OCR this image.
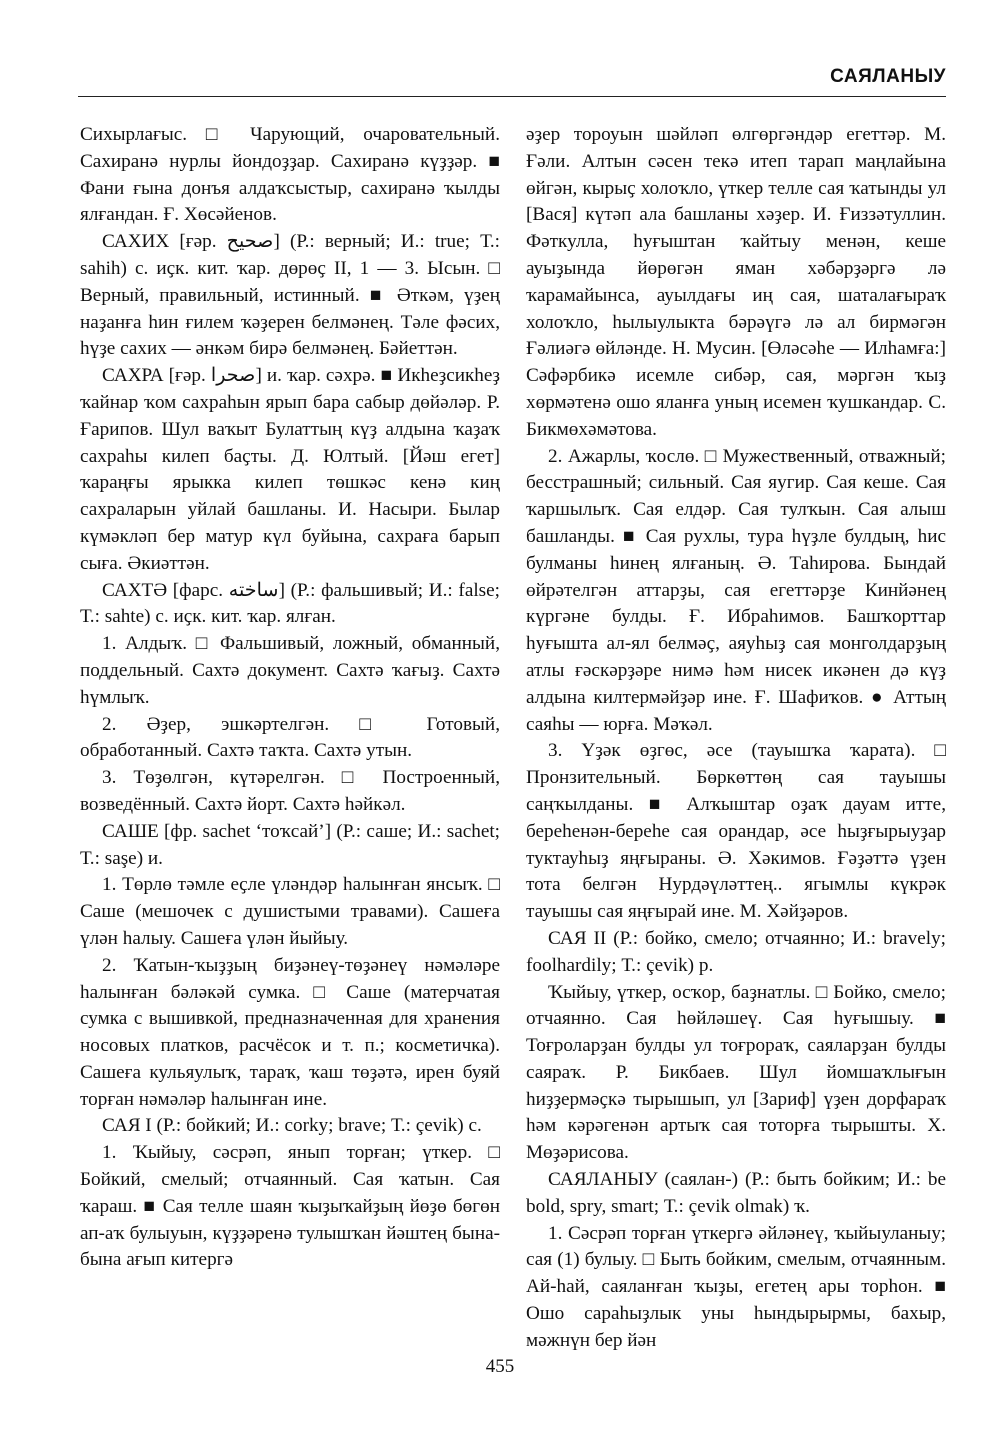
САЯЛАНЫУ

Сихырлағыс. □ Чарующий, очаровательный. Сахиранә нурлы йондоҙҙар. Сахиранә күҙҙәр. ■ Фани ғына донъя алдаҡсыстыр, сахиранә ҡылды ялғандан. Ғ. Хөсәйенов.

САХИХ [ғәр. صحيح] (Р.: верный; И.: true; Т.: sahih) с. иҫк. кит. ҡар. дөрөҫ II, 1 — 3. Ысын. □ Верный, правильный, истинный. ■ Әткәм, үҙең наҙанға һин ғилем ҡәҙерен белмәнең. Тәле фәсих, һүҙе сахих — әнкәм бирә белмәнең. Бәйеттән.

САХРА [ғәр. صحرا] и. ҡар. сәхрә. ■ Икһеҙсикһеҙ ҡайнар ҡом сахраһын ярып бара сабыр дөйәләр. Р. Ғарипов. Шул ваҡыт Булаттың күҙ алдына ҡаҙаҡ сахраһы килеп баҫты. Д. Юлтый. [Йәш егет] ҡараңғы ярыкка килеп төшкәс кенә киң сахраларын уйлай башланы. И. Насыри. Былар күмәкләп бер матур күл буйына, сахраға барып сыға. Әкиәттән.

САХТӘ [фарс. ساخته] (Р.: фальшивый; И.: false; Т.: sahte) с. иҫк. кит. ҡар. ялған.

1. Алдыҡ. □ Фальшивый, ложный, обманный, поддельный. Сахтә документ. Сахтә ҡағыҙ. Сахтә һүмлыҡ.

2. Әҙер, эшкәртелгән. □ Готовый, обработанный. Сахтә таҡта. Сахтә утын.

3. Төҙөлгән, күтәрелгән. □ Построенный, возведённый. Сахтә йорт. Сахтә һәйкәл.

САШЕ [фр. sachet ‘тоҡсай’] (Р.: саше; И.: sachet; Т.: saşe) и.

1. Төрлө тәмле еҫле үләндәр һалынған янсыҡ. □ Саше (мешочек с душистыми травами). Сашеға үлән һалыу. Сашеға үлән йыйыу.

2. Ҡатын-ҡыҙҙың биҙәнеү-төҙәнеү нәмәләре һалынған бәләкәй сумка. □ Саше (матерчатая сумка с вышивкой, предназначенная для хранения носовых платков, расчёсок и т. п.; косметичка). Сашеға кульяулыҡ, тараҡ, ҡаш төҙәтә, ирен буяй торған нәмәләр һалынған ине.

САЯ I (Р.: бойкий; И.: corky; brave; Т.: çevik) с.

1. Ҡыйыу, сәсрәп, янып торған; үткер. □ Бойкий, смелый; отчаянный. Сая ҡатын. Сая ҡараш. ■ Сая телле шаян ҡыҙыҡайҙың йөҙө бөгөн ап-аҡ булыуын, күҙҙәренә тулышҡан йәштең бына-бына ағып китергә

әҙер тороуын шәйләп өлгөргәндәр егеттәр. М. Ғәли. Алтын сәсен текә итеп тарап маңлайына өйгән, кырыҫ холоҡло, үткер телле сая ҡатынды ул [Вася] күтәп ала башланы хәҙер. И. Ғиззәтуллин. Фәткулла, һуғыштан ҡайтыу менән, кеше ауыҙында йөрөгән яман хәбәрҙәргә лә ҡарамайынса, ауылдағы иң сая, шаталағыраҡ холоҡло, һылыулыкта бәрәүгә лә ал бирмәгән Ғәлиәгә өйләнде. Н. Мусин. [Өләсәһе — Илһамға:] Сәфәрбикә исемле сибәр, сая, мәргән ҡыҙ хөрмәтенә ошо яланға уның исемен ҡушкандар. С. Бикмөхәмәтова.

2. Ажарлы, ҡослө. □ Мужественный, отважный; бесстрашный; сильный. Сая яугир. Сая кеше. Сая ҡаршылыҡ. Сая елдәр. Сая тулҡын. Сая алыш башланды. ■ Сая рухлы, тура һүҙле булдың, һис булманы һинең ялғаның. Ә. Таһирова. Бындай өйрәтелгән аттарҙы, сая егеттәрҙе Кинйәнең күргәне булды. Ғ. Ибраһимов. Башҡорттар һуғышта ал-ял белмәҫ, аяуһыҙ сая монголдарҙың атлы ғәскәрҙәре нимә һәм нисек икәнен дә күҙ алдына килтермәйҙәр ине. Ғ. Шафиҡов. ● Аттың саяһы — юрға. Мәҡәл.

3. Үҙәк өҙгөс, әсе (тауышҡа ҡарата). □ Пронзительный. Бөркөттөң сая тауышы саңҡылданы. ■ Алҡыштар оҙаҡ дауам итте, береһенән-береһе сая орандар, әсе һыҙғырыуҙар туктауһыҙ яңғыраны. Ә. Хәкимов. Ғәҙәттә үҙен тота белгән Нурдәүләттең.. ягымлы күкрәк тауышы сая яңғырай ине. М. Хәйҙәров.

САЯ II (Р.: бойко, смело; отчаянно; И.: bravely; foolhardily; Т.: çevik) р.

Ҡыйыу, үткер, осҡор, баҙнатлы. □ Бойко, смело; отчаянно. Сая һөйләшеү. Сая һуғышыу. ■ Тоғроларҙан булды ул тоғрораҡ, саяларҙан булды саяраҡ. Р. Бикбаев. Шул йомшаҡлығын һиҙҙермәҫкә тырышып, ул [Зариф] үҙен дорфараҡ һәм кәрәгенән артыҡ сая тоторға тырышты. Х. Мөҙәрисова.

САЯЛАНЫУ (саялан-) (Р.: быть бойким; И.: be bold, spry, smart; Т.: çevik olmak) ҡ.

1. Сәсрәп торған үткергә әйләнеү, ҡыйыуланыу; сая (1) булыу. □ Быть бойким, смелым, отчаянным. Ай-һай, саяланған ҡыҙы, егетең ары торһон. ■ Ошо сараһыҙлык уны һындырырмы, бахыр, мәжнүн бер йән

455
